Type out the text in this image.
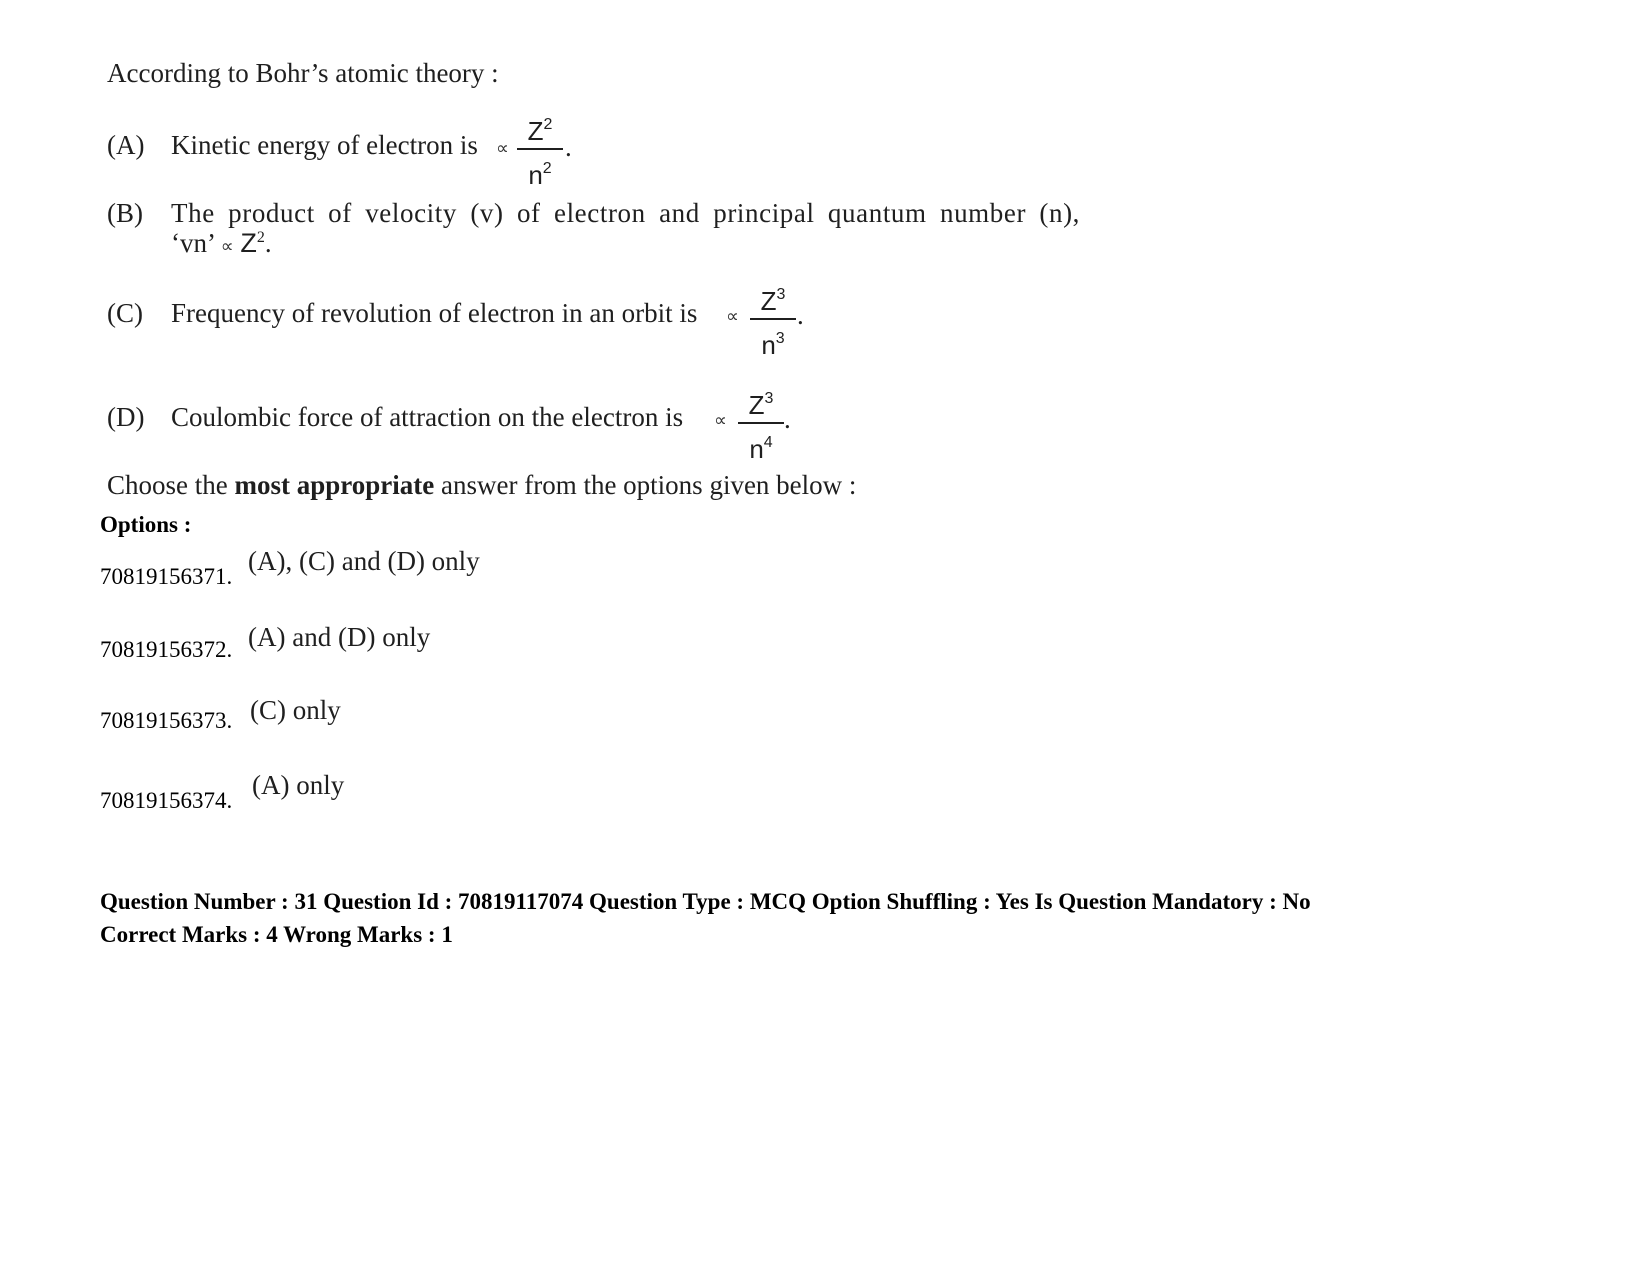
According to Bohr’s atomic theory :
(A) Kinetic energy of electron is ∝
$Z^2$
$n^2$
.
(B) The product of velocity (v) of electron and principal quantum number (n),
‘vn’ ∝ $Z^2$.
(C) Frequency of revolution of electron in an orbit is ∝
$Z^3$
$n^3$
.
(D) Coulombic force of attraction on the electron is ∝
$Z^3$
$n^4$
.
Choose the most appropriate answer from the options given below :
Options :
70819156371.
(A), (C) and (D) only
70819156372. (A) and (D) only
70819156373. (C) only
70819156374.
(A) only
Question Number : 31 Question Id : 70819117074 Question Type : MCQ Option Shuffling : Yes Is Question Mandatory : No
Correct Marks : 4 Wrong Marks : 1
